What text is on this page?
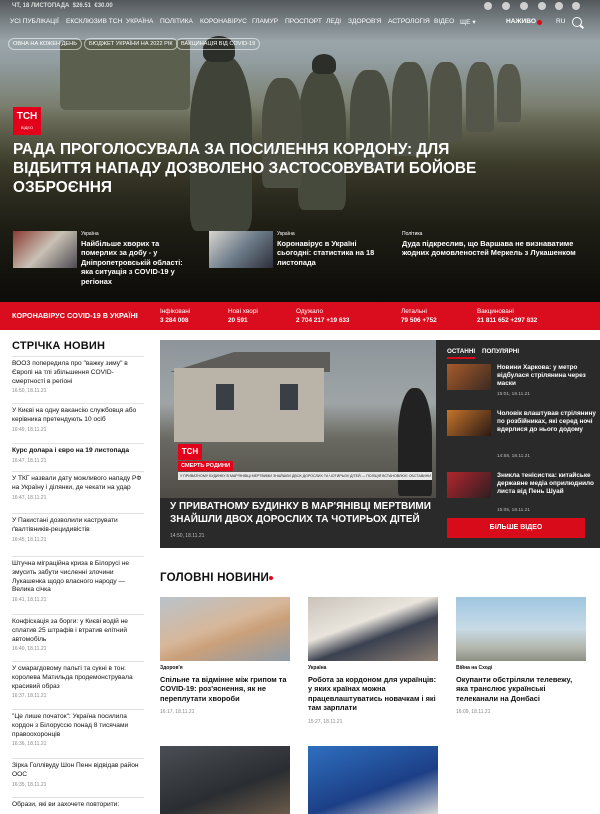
ЧТ, 18 ЛИСТОПАДА $26.51 €30.00
УСІ ПУБЛІКАЦІЇ ЕКСКЛЮЗИВ ТСН УКРАЇНА ПОЛІТИКА КОРОНАВІРУС ГЛАМУР ПРОСПОРТ ЛЕДІ ЗДОРОВ'Я АСТРОЛОГІЯ ВІДЕО ЩЕ ▾	НАЖИВО	RU
ОВНА НА КОЖЕН ДЕНЬ	БЮДЖЕТ УКРАЇНИ НА 2022 РІК	ВАКЦИНАЦІЯ ВІД COVID-19
ТСН
ВІДЕО
РАДА ПРОГОЛОСУВАЛА ЗА ПОСИЛЕННЯ КОРДОНУ: ДЛЯ ВІДБИТТЯ НАПАДУ ДОЗВОЛЕНО ЗАСТОСОВУВАТИ БОЙОВЕ ОЗБРОЄННЯ
Україна
Найбільше хворих та померлих за добу - у Дніпропетровській області: яка ситуація з COVID-19 у регіонах
Україна
Коронавірус в Україні сьогодні: статистика на 18 листопада
Політика
Дуда підкреслив, що Варшава не визнаватиме жодних домовленостей Меркель з Лукашенком
КОРОНАВІРУС COVID-19 В УКРАЇНІ	Інфіковані
3 284 008
Нові хворі
20 591
Одужало
2 704 217 +19 633
Летальні
79 506 +752
Вакциновані
21 811 652 +297 832
СТРІЧКА НОВИН
ВООЗ попередила про "важку зиму" в Європі на тлі збільшення COVID-смертності в регіоні
16:50, 18.11.21
У Києві на одну вакансію службовця або керівника претендують 10 осіб
16:49, 18.11.21
Курс долара і євро на 19 листопада
16:47, 18.11.21
У ТКГ назвали дату можливого нападу РФ на Україну і ділянки, де чекати на удар
16:47, 18.11.21
У Пакистані дозволили каструвати ґвалтівників-рецидивістів
16:45, 18.11.21
Штучна міграційна криза в Білорусі не змусить забути численні злочини Лукашенка щодо власного народу — Велика січка
16:41, 18.11.21
Конфіскація за борги: у Києві водій не сплатив 25 штрафів і втратив елітний автомобіль
16:40, 18.11.21
У смарагдовому пальті та сукні в тон: королева Матильда продемонструвала красивий образ
16:37, 18.11.21
"Це лише початок": Україна посилила кордон з Білоруссю понад 8 тисячами правоохоронців
16:36, 18.11.21
Зірка Голлівуду Шон Пенн відвідав район ООС
16:35, 18.11.21
Образи, які ви захочете повторити:
ТСН
СМЕРТЬ РОДИНИ
У ПРИВАТНОМУ БУДИНКУ В МАР'ЯНІВЦІ МЕРТВИМИ ЗНАЙШЛИ ДВОХ ДОРОСЛИХ ТА ЧОТИРЬОХ ДІТЕЙ — ПОЛІЦІЯ ВСТАНОВЛЮЄ ОБСТАВИНИ
У ПРИВАТНОМУ БУДИНКУ В МАР'ЯНІВЦІ МЕРТВИМИ ЗНАЙШЛИ ДВОХ ДОРОСЛИХ ТА ЧОТИРЬОХ ДІТЕЙ
14:50, 18.11.21
ОСТАННІ ПОПУЛЯРНІ
Новини Харкова: у метро відбулася стрілянина через маски
15:01, 18.11.21
Чоловік влаштував стрілянину по розбійниках, які серед ночі вдерлися до нього додому
14:58, 18.11.21
Зникла тенісистка: китайське державне медіа оприлюднило листа від Пень Шуай
15:05, 18.11.21
БІЛЬШЕ ВІДЕО
ГОЛОВНІ НОВИНИ
Здоров'я
Спільне та відмінне між грипом та COVID-19: роз'яснення, як не переплутати хвороби
16:17, 18.11.21
Україна
Робота за кордоном для українців: у яких країнах можна працевлаштуватись новачкам і які там зарплати
15:27, 18.11.21
Війна на Сході
Окупанти обстріляли телевежу, яка транслює українські телеканали на Донбасі
16:09, 18.11.21
